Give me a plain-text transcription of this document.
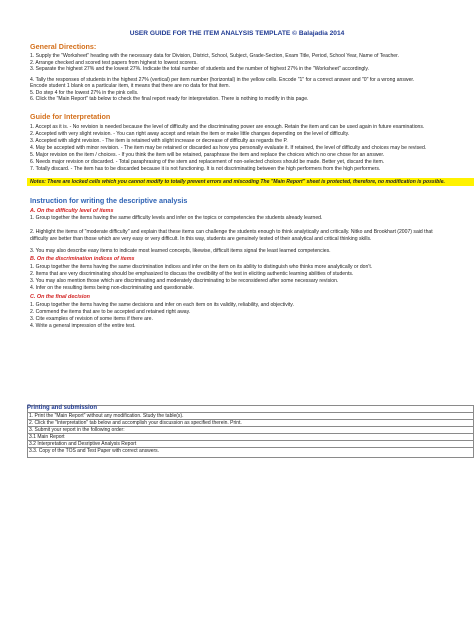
USER GUIDE FOR THE ITEM ANALYSIS TEMPLATE © Balajadia 2014
General Directions:
1. Supply the "Worksheet" heading with the necessary data for Division, District, School, Subject, Grade-Section, Exam Title, Period, School Year, Name of Teacher.
2. Arrange checked and scored test papers from highest to lowest scorers.
3. Separate the highest 27% and the lowest 27%. Indicate the total number of students and the number of highest 27% in the "Worksheet" accordingly.
4. Tally the responses of students in the highest 27% (vertical) per item number (horizontal) in the yellow cells. Encode "1" for a correct answer and "0" for a wrong answer.
Encode student 1 blank on a particular item, it means that there are no data for that item.
5. Do step 4 for the lowest 27% in the pink cells.
6. Click the "Main Report" tab below to check the final report ready for interpretation. There is nothing to modify in this page.
Guide for Interpretation
1. Accept as it is. - No revision is needed because the level of difficulty and the discriminating power are enough. Retain the item and can be used again in future examinations.
2. Accepted with very slight revision. - You can right away accept and retain the item or make little changes depending on the level of difficulty.
3. Accepted with slight revision. - The item is retained with slight increase or decrease of difficulty as regards the P.
4. May be accepted with minor revision. - The item may be retained or discarded as how you personally evaluate it. If retained, the level of difficulty and choices may be revised.
5. Major revision on the item / choices. - If you think the item will be retained, paraphrase the item and replace the choices which no one chose for an answer.
6. Needs major revision or discarded. - Total paraphrasing of the stem and replacement of non-selected choices should be made. Better yet, discard the item.
7. Totally discard. - The item has to be discarded because it is not functioning. It is not discriminating between the high performers from the high performers.
Notes: There are locked cells which you cannot modify to totally prevent errors and miscoding The "Main Report" sheet is protected, therefore, no modification is possible.
Instruction for writing the descriptive analysis
A. On the difficulty level of items
1. Group together the items having the same difficulty levels and infer on the topics or competencies the students already learned.
2. Highlight the items of "moderate difficulty" and explain that these items can challenge the students enough to think analytically and critically. Nitko and Brookhart (2007) said that
difficulty are better than those which are very easy or very difficult. In this way, students are genuinely tested of their analytical and critical thinking skills.
3. You may also describe easy items to indicate most learned concepts, likewise, difficult items signal the least learned competencies.
B. On the discrimination indices of items
1. Group together the items having the same discrimination indices and infer on the item on its ability to distinguish who thinks more analytically or don't.
2. Items that are very discriminating should be emphasized to discuss the credibility of the test in eliciting authentic learning abilities of students.
3. You may also mention those which are discriminating and moderately discriminating to be reconsidered after some necessary revision.
4. Infer on the resulting items being non-discriminating and questionable.
C. On the final decision
1. Group together the items having the same decisions and infer on each item on its validity, reliability, and objectivity.
2. Commend the items that are to be accepted and retained right away.
3. Cite examples of revision of some items if there are.
4. Write a general impression of the entire test.
Printing and submission
1. Print the "Main Report" without any modification. Study the table(s).
2. Click the "Interpretation" tab below and accomplish your discussion as specified therein. Print.
3. Submit your report in the following order:
3.1 Main Report
3.2 Interpretation and Desriptive Analysis Report
3.3. Copy of the TOS and Test Paper with correct answers.
